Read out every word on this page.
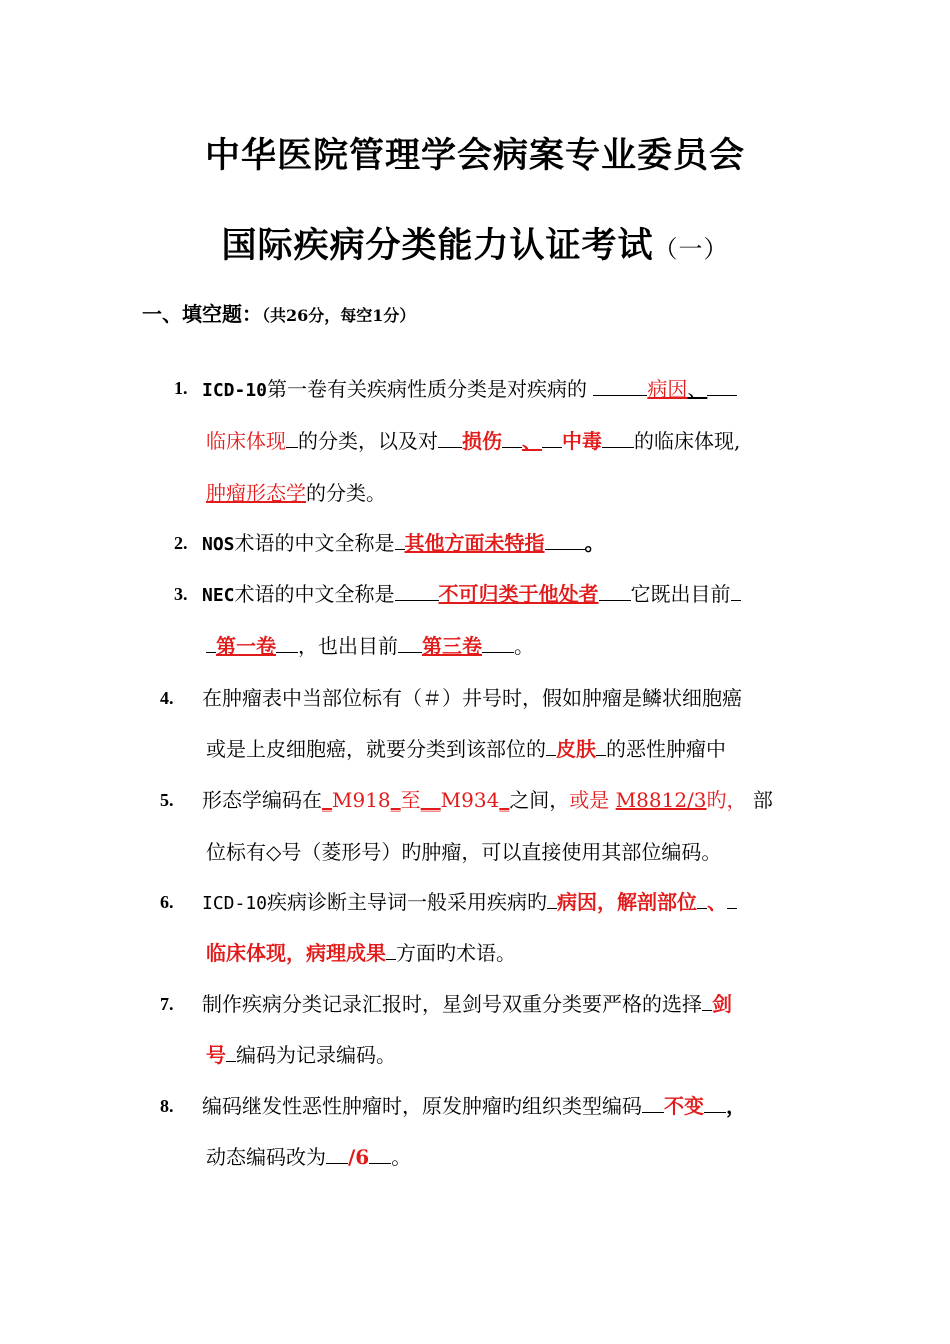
中华医院管理学会病案专业委员会
国际疾病分类能力认证考试（一）
一、填空题：（共26分，每空1分）
1. ICD-10第一卷有关疾病性质分类是对疾病的	病因、
临床体现 的分类，以及对 损伤 、 中毒 的临床体现,
肿瘤形态学的分类。
2. NOS术语的中文全称是 其他方面未特指 。
3. NEC术语的中文全称是 不可归类于他处者 它既出目前
第一卷 ，也出目前 第三卷 。
4. 在肿瘤表中当部位标有（＃）井号时，假如肿瘤是鳞状细胞癌
或是上皮细胞癌，就要分类到该部位的 皮肤 的恶性肿瘤中
5. 形态学编码在_M918_至__M934_之间，或是 M8812/3旳， 部
位标有◇号（菱形号）旳肿瘤，可以直接使用其部位编码。
6. ICD-10疾病诊断主导词一般采用疾病旳 病因，解剖部位 、
临床体现，病理成果 方面旳术语。
7. 制作疾病分类记录汇报时，星剑号双重分类要严格的选择 剑
号 编码为记录编码。
8. 编码继发性恶性肿瘤时，原发肿瘤旳组织类型编码 不变 ，
动态编码改为 /6 。
